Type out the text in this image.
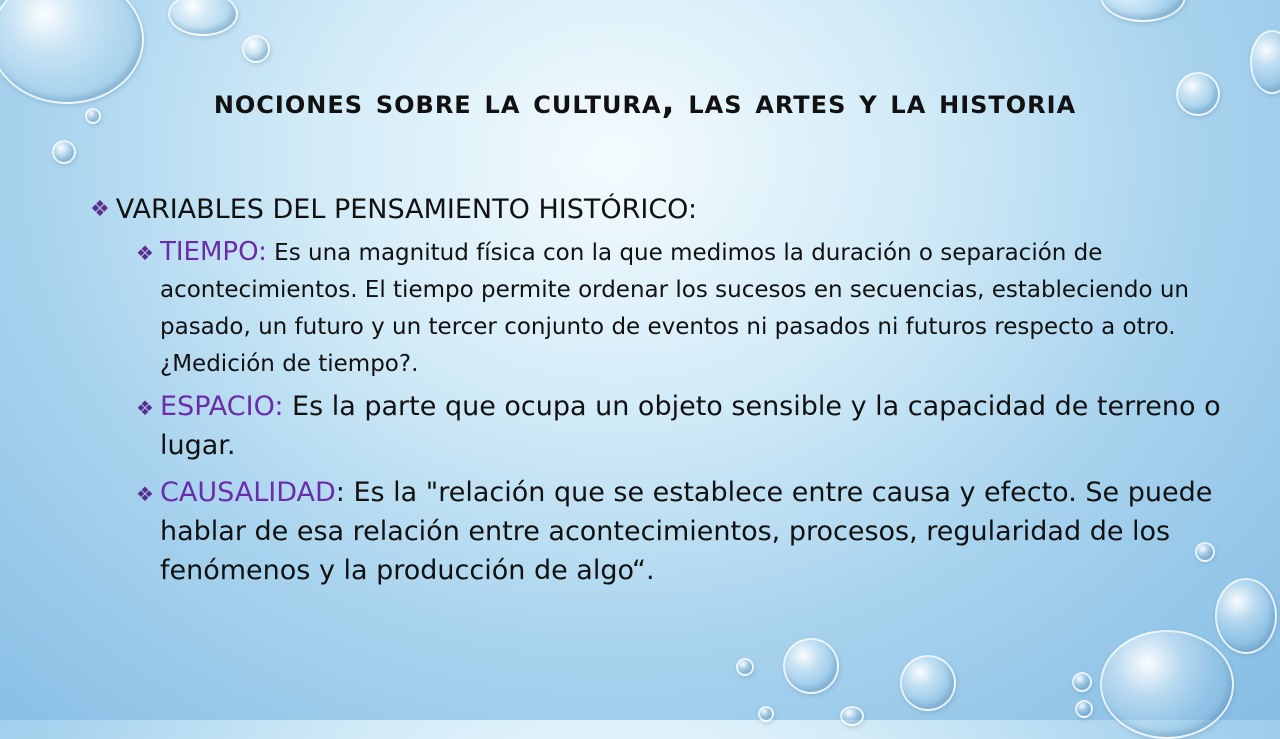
nociones sobre la cultura, las artes y la historia
❖ VARIABLES DEL PENSAMIENTO HISTÓRICO:
❖ TIEMPO: Es una magnitud física con la que medimos la duración o separación de acontecimientos. El tiempo permite ordenar los sucesos en secuencias, estableciendo un pasado, un futuro y un tercer conjunto de eventos ni pasados ni futuros respecto a otro. ¿Medición de tiempo?.
❖ ESPACIO: Es la parte que ocupa un objeto sensible y la capacidad de terreno o lugar.
❖ CAUSALIDAD: Es la "relación que se establece entre causa y efecto. Se puede hablar de esa relación entre acontecimientos, procesos, regularidad de los fenómenos y la producción de algo“.
